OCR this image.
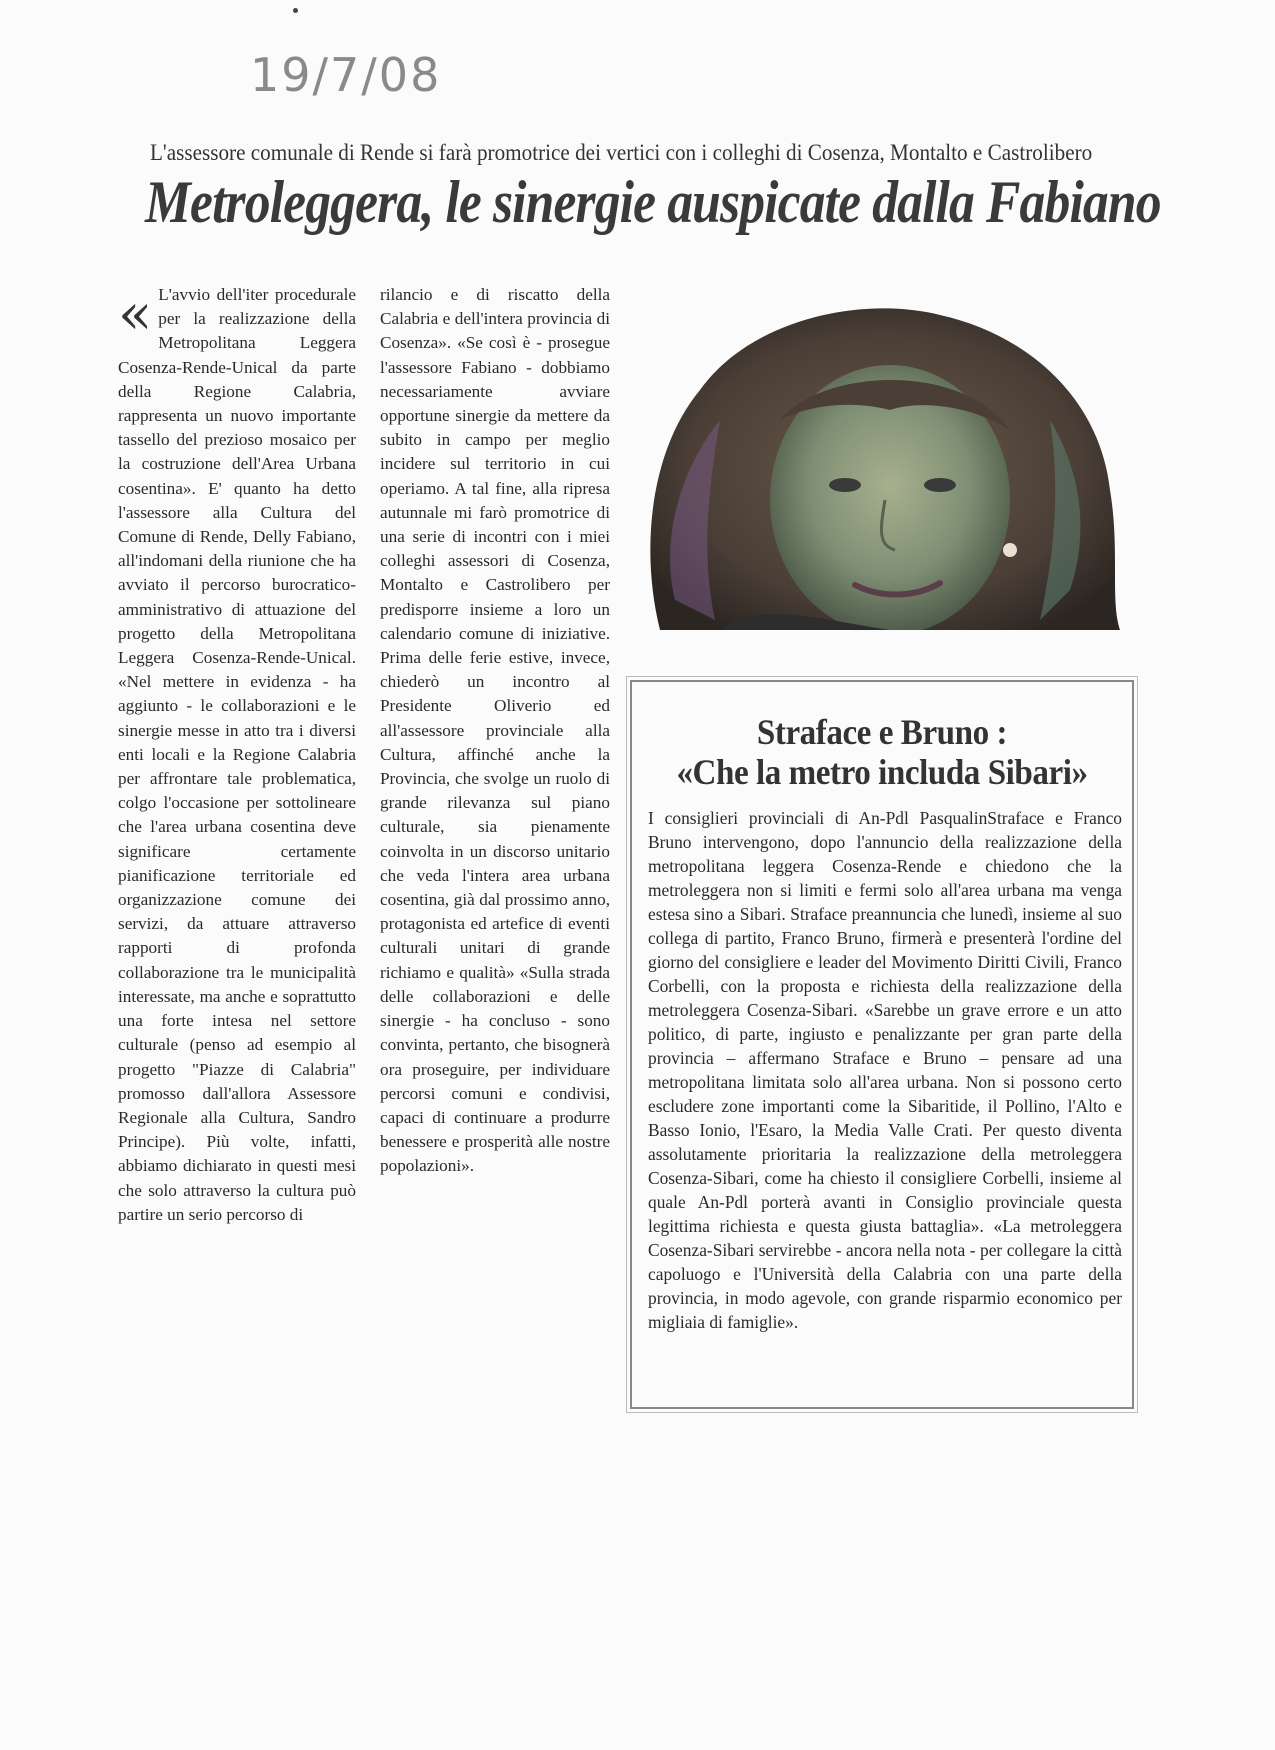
19/7/08
L'assessore comunale di Rende si farà promotrice dei vertici con i colleghi di Cosenza, Montalto e Castrolibero
Metroleggera, le sinergie auspicate dalla Fabiano
« L'avvio dell'iter procedurale per la realizzazione della Metropolitana Leggera Cosenza-Rende-Unical da parte della Regione Calabria, rappresenta un nuovo importante tassello del prezioso mosaico per la costruzione dell'Area Urbana cosentina». E' quanto ha detto l'assessore alla Cultura del Comune di Rende, Delly Fabiano, all'indomani della riunione che ha avviato il percorso burocratico-amministrativo di attuazione del progetto della Metropolitana Leggera Cosenza-Rende-Unical. «Nel mettere in evidenza - ha aggiunto - le collaborazioni e le sinergie messe in atto tra i diversi enti locali e la Regione Calabria per affrontare tale problematica, colgo l'occasione per sottolineare che l'area urbana cosentina deve significare certamente pianificazione territoriale ed organizzazione comune dei servizi, da attuare attraverso rapporti di profonda collaborazione tra le municipalità interessate, ma anche e soprattutto una forte intesa nel settore culturale (penso ad esempio al progetto "Piazze di Calabria" promosso dall'allora Assessore Regionale alla Cultura, Sandro Principe). Più volte, infatti, abbiamo dichiarato in questi mesi che solo attraverso la cultura può partire un serio percorso di
rilancio e di riscatto della Calabria e dell'intera provincia di Cosenza». «Se così è - prosegue l'assessore Fabiano - dobbiamo necessariamente avviare opportune sinergie da mettere da subito in campo per meglio incidere sul territorio in cui operiamo. A tal fine, alla ripresa autunnale mi farò promotrice di una serie di incontri con i miei colleghi assessori di Cosenza, Montalto e Castrolibero per predisporre insieme a loro un calendario comune di iniziative. Prima delle ferie estive, invece, chiederò un incontro al Presidente Oliverio ed all'assessore provinciale alla Cultura, affinché anche la Provincia, che svolge un ruolo di grande rilevanza sul piano culturale, sia pienamente coinvolta in un discorso unitario che veda l'intera area urbana cosentina, già dal prossimo anno, protagonista ed artefice di eventi culturali unitari di grande richiamo e qualità» «Sulla strada delle collaborazioni e delle sinergie - ha concluso - sono convinta, pertanto, che bisognerà ora proseguire, per individuare percorsi comuni e condivisi, capaci di continuare a produrre benessere e prosperità alle nostre popolazioni».
Straface e Bruno :
«Che la metro includa Sibari»
I consiglieri provinciali di An-Pdl PasqualinStraface e Franco Bruno intervengono, dopo l'annuncio della realizzazione della metropolitana leggera Cosenza-Rende e chiedono che la metroleggera non si limiti e fermi solo all'area urbana ma venga estesa sino a Sibari. Straface preannuncia che lunedì, insieme al suo collega di partito, Franco Bruno, firmerà e presenterà l'ordine del giorno del consigliere e leader del Movimento Diritti Civili, Franco Corbelli, con la proposta e richiesta della realizzazione della metroleggera Cosenza-Sibari. «Sarebbe un grave errore e un atto politico, di parte, ingiusto e penalizzante per gran parte della provincia – affermano Straface e Bruno – pensare ad una metropolitana limitata solo all'area urbana. Non si possono certo escludere zone importanti come la Sibaritide, il Pollino, l'Alto e Basso Ionio, l'Esaro, la Media Valle Crati. Per questo diventa assolutamente prioritaria la realizzazione della metroleggera Cosenza-Sibari, come ha chiesto il consigliere Corbelli, insieme al quale An-Pdl porterà avanti in Consiglio provinciale questa legittima richiesta e questa giusta battaglia». «La metroleggera Cosenza-Sibari servirebbe - ancora nella nota - per collegare la città capoluogo e l'Università della Calabria con una parte della provincia, in modo agevole, con grande risparmio economico per migliaia di famiglie».
